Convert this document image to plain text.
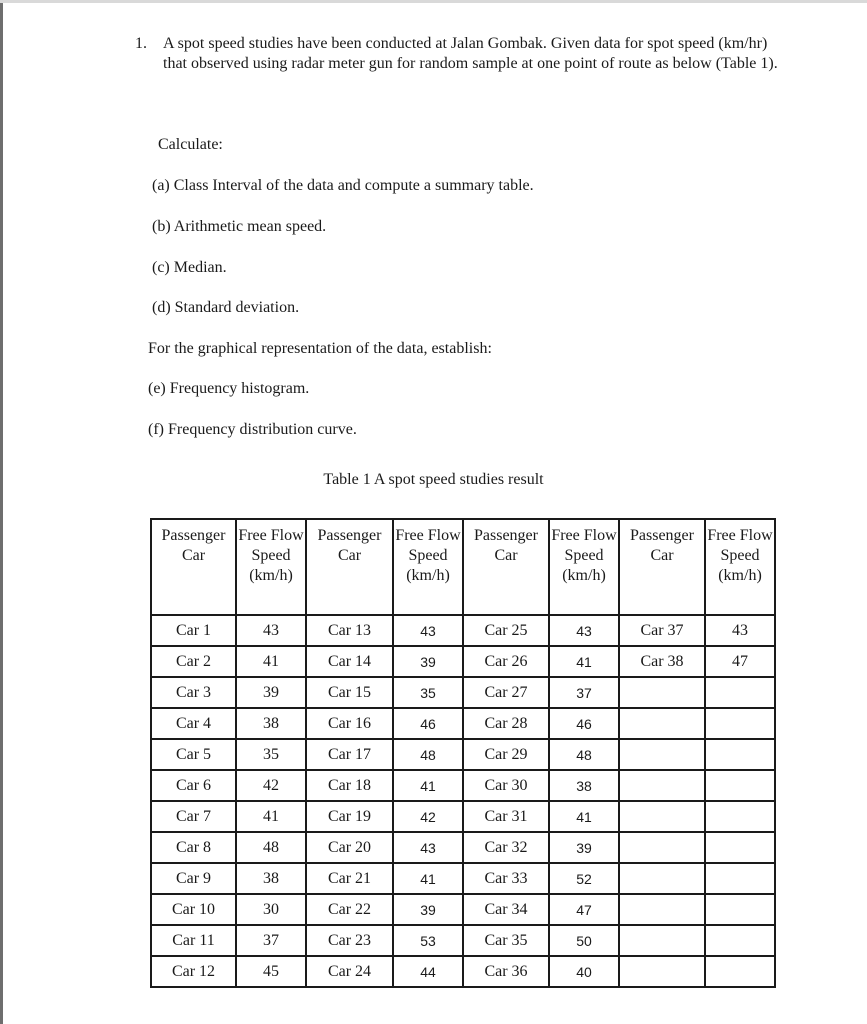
1. A spot speed studies have been conducted at Jalan Gombak. Given data for spot speed (km/hr) that observed using radar meter gun for random sample at one point of route as below (Table 1).
Calculate:
(a) Class Interval of the data and compute a summary table.
(b) Arithmetic mean speed.
(c) Median.
(d) Standard deviation.
For the graphical representation of the data, establish:
(e) Frequency histogram.
(f) Frequency distribution curve.
Table 1 A spot speed studies result
Passenger Car	Free Flow Speed (km/h)	Passenger Car	Free Flow Speed (km/h)	Passenger Car	Free Flow Speed (km/h)	Passenger Car	Free Flow Speed (km/h)
Car 1	43	Car 13	43	Car 25	43	Car 37	43
Car 2	41	Car 14	39	Car 26	41	Car 38	47
Car 3	39	Car 15	35	Car 27	37		
Car 4	38	Car 16	46	Car 28	46		
Car 5	35	Car 17	48	Car 29	48		
Car 6	42	Car 18	41	Car 30	38		
Car 7	41	Car 19	42	Car 31	41		
Car 8	48	Car 20	43	Car 32	39		
Car 9	38	Car 21	41	Car 33	52		
Car 10	30	Car 22	39	Car 34	47		
Car 11	37	Car 23	53	Car 35	50		
Car 12	45	Car 24	44	Car 36	40		
